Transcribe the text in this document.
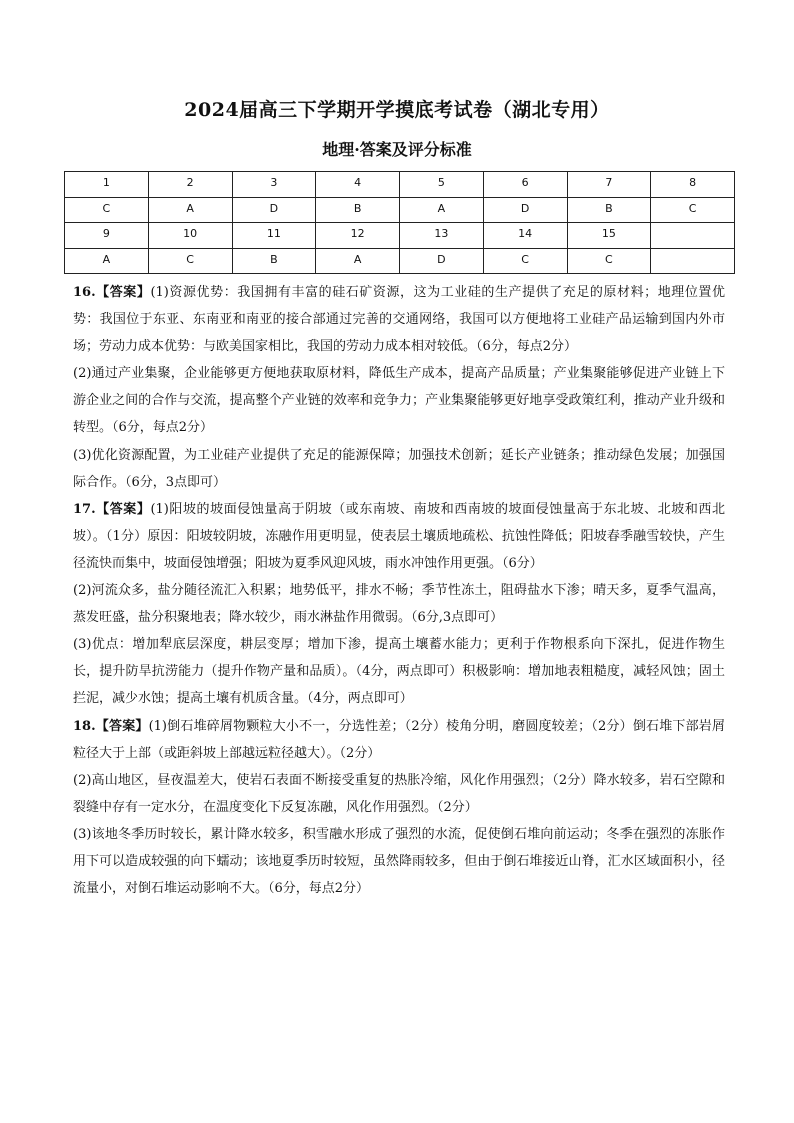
2024届高三下学期开学摸底考试卷（湖北专用）
地理·答案及评分标准
1	2	3	4	5	6	7	8
C	A	D	B	A	D	B	C
9	10	11	12	13	14	15	
A	C	B	A	D	C	C	

16.【答案】(1)资源优势：我国拥有丰富的硅石矿资源，这为工业硅的生产提供了充足的原材料；地理位置优势：我国位于东亚、东南亚和南亚的接合部通过完善的交通网络，我国可以方便地将工业硅产品运输到国内外市场；劳动力成本优势：与欧美国家相比，我国的劳动力成本相对较低。（6分，每点2分）

(2)通过产业集聚，企业能够更方便地获取原材料，降低生产成本，提高产品质量；产业集聚能够促进产业链上下游企业之间的合作与交流，提高整个产业链的效率和竞争力；产业集聚能够更好地享受政策红利，推动产业升级和转型。（6分，每点2分）

(3)优化资源配置，为工业硅产业提供了充足的能源保障；加强技术创新；延长产业链条；推动绿色发展；加强国际合作。（6分，3点即可）

17.【答案】(1)阳坡的坡面侵蚀量高于阴坡（或东南坡、南坡和西南坡的坡面侵蚀量高于东北坡、北坡和西北坡）。（1分）原因：阳坡较阴坡，冻融作用更明显，使表层土壤质地疏松、抗蚀性降低；阳坡春季融雪较快，产生径流快而集中，坡面侵蚀增强；阳坡为夏季风迎风坡，雨水冲蚀作用更强。（6分）

(2)河流众多，盐分随径流汇入积累；地势低平，排水不畅；季节性冻土，阻碍盐水下渗；晴天多，夏季气温高，蒸发旺盛，盐分积聚地表；降水较少，雨水淋盐作用微弱。（6分,3点即可）

(3)优点：增加犁底层深度，耕层变厚；增加下渗，提高土壤蓄水能力；更利于作物根系向下深扎，促进作物生长，提升防旱抗涝能力（提升作物产量和品质）。（4分，两点即可）积极影响：增加地表粗糙度，减轻风蚀；固土拦泥，减少水蚀；提高土壤有机质含量。（4分，两点即可）

18.【答案】(1)倒石堆碎屑物颗粒大小不一，分选性差；（2分）棱角分明，磨圆度较差；（2分）倒石堆下部岩屑粒径大于上部（或距斜坡上部越远粒径越大）。（2分）

(2)高山地区，昼夜温差大，使岩石表面不断接受重复的热胀冷缩，风化作用强烈；（2分）降水较多，岩石空隙和裂缝中存有一定水分，在温度变化下反复冻融，风化作用强烈。（2分）

(3)该地冬季历时较长，累计降水较多，积雪融水形成了强烈的水流，促使倒石堆向前运动；冬季在强烈的冻胀作用下可以造成较强的向下蠕动；该地夏季历时较短，虽然降雨较多，但由于倒石堆接近山脊，汇水区域面积小，径流量小，对倒石堆运动影响不大。（6分，每点2分）
